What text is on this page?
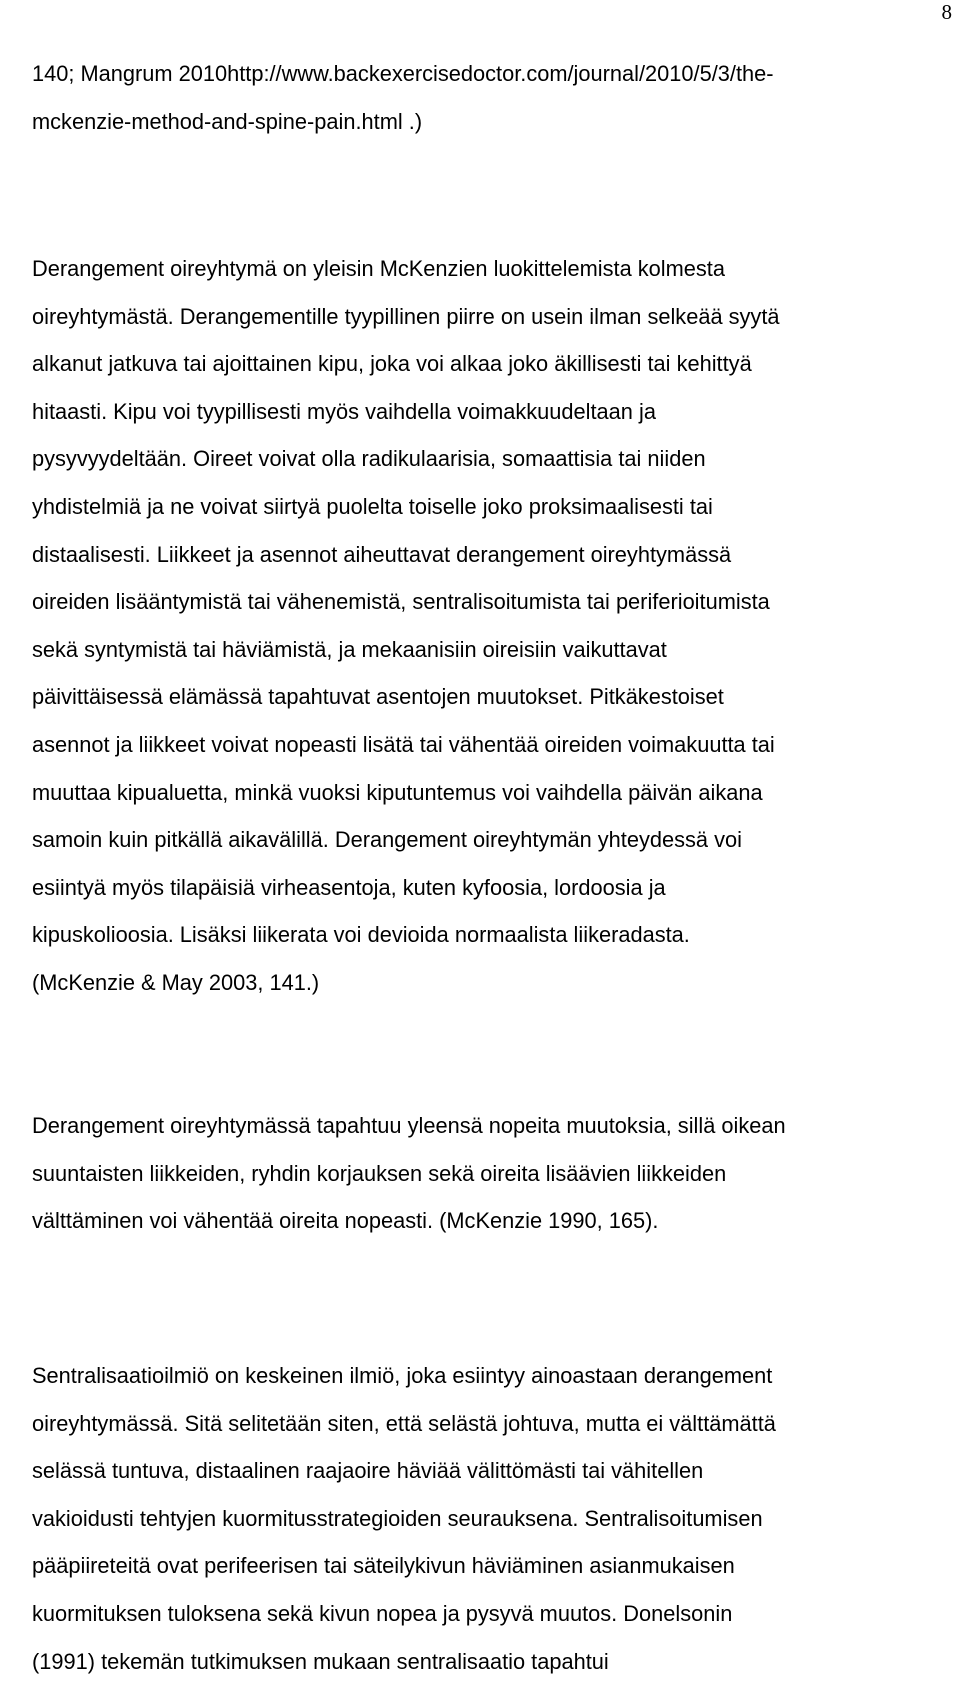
8

140; Mangrum 2010http://www.backexercisedoctor.com/journal/2010/5/3/the-
mckenzie-method-and-spine-pain.html .)

Derangement oireyhtymä on yleisin McKenzien luokittelemista kolmesta
oireyhtymästä. Derangementille tyypillinen piirre on usein ilman selkeää syytä
alkanut jatkuva tai ajoittainen kipu, joka voi alkaa joko äkillisesti tai kehittyä
hitaasti. Kipu voi tyypillisesti myös vaihdella voimakkuudeltaan ja
pysyvyydeltään. Oireet voivat olla radikulaarisia, somaattisia tai niiden
yhdistelmiä ja ne voivat siirtyä puolelta toiselle joko proksimaalisesti tai
distaalisesti. Liikkeet ja asennot aiheuttavat derangement oireyhtymässä
oireiden lisääntymistä tai vähenemistä, sentralisoitumista tai periferioitumista
sekä syntymistä tai häviämistä, ja mekaanisiin oireisiin vaikuttavat
päivittäisessä elämässä tapahtuvat asentojen muutokset. Pitkäkestoiset
asennot ja liikkeet voivat nopeasti lisätä tai vähentää oireiden voimakuutta tai
muuttaa kipualuetta, minkä vuoksi kiputuntemus voi vaihdella päivän aikana
samoin kuin pitkällä aikavälillä. Derangement oireyhtymän yhteydessä voi
esiintyä myös tilapäisiä virheasentoja, kuten kyfoosia, lordoosia ja
kipuskolioosia. Lisäksi liikerata voi devioida normaalista liikeradasta.
(McKenzie & May 2003, 141.)

Derangement oireyhtymässä tapahtuu yleensä nopeita muutoksia, sillä oikean
suuntaisten liikkeiden, ryhdin korjauksen sekä oireita lisäävien liikkeiden
välttäminen voi vähentää oireita nopeasti. (McKenzie 1990, 165).

Sentralisaatioilmiö on keskeinen ilmiö, joka esiintyy ainoastaan derangement
oireyhtymässä. Sitä selitetään siten, että selästä johtuva, mutta ei välttämättä
selässä tuntuva, distaalinen raajaoire häviää välittömästi tai vähitellen
vakioidusti tehtyjen kuormitusstrategioiden seurauksena. Sentralisoitumisen
pääpiireteitä ovat perifeerisen tai säteilykivun häviäminen asianmukaisen
kuormituksen tuloksena sekä kivun nopea ja pysyvä muutos. Donelsonin
(1991) tekemän tutkimuksen mukaan sentralisaatio tapahtui
